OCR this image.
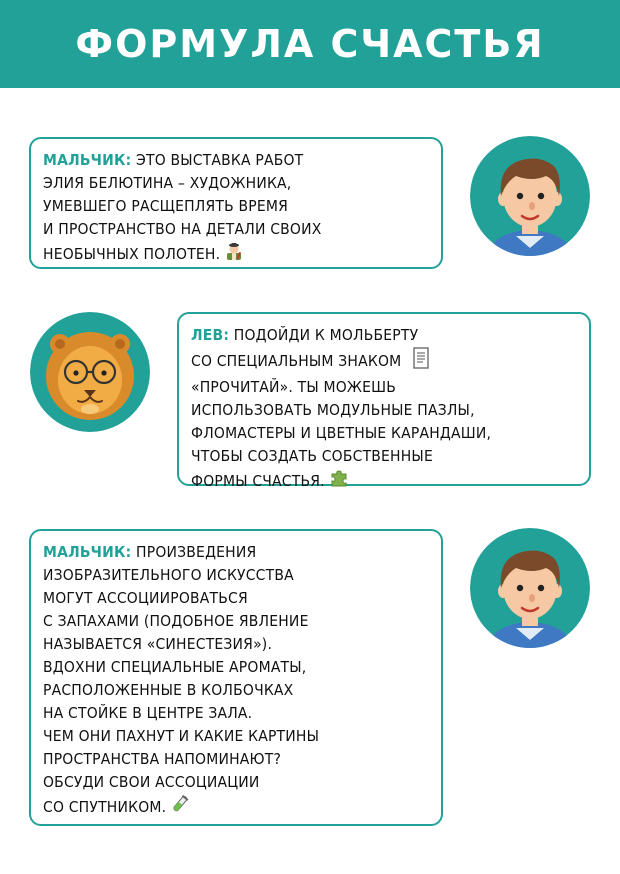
ФОРМУЛА СЧАСТЬЯ
МАЛЬЧИК: ЭТО ВЫСТАВКА РАБОТ
ЭЛИЯ БЕЛЮТИНА – ХУДОЖНИКА,
УМЕВШЕГО РАСЩЕПЛЯТЬ ВРЕМЯ
И ПРОСТРАНСТВО НА ДЕТАЛИ СВОИХ
НЕОБЫЧНЫХ ПОЛОТЕН.
ЛЕВ: ПОДОЙДИ К МОЛЬБЕРТУ
СО СПЕЦИАЛЬНЫМ ЗНАКОМ
«ПРОЧИТАЙ». ТЫ МОЖЕШЬ
ИСПОЛЬЗОВАТЬ МОДУЛЬНЫЕ ПАЗЛЫ,
ФЛОМАСТЕРЫ И ЦВЕТНЫЕ КАРАНДАШИ,
ЧТОБЫ СОЗДАТЬ СОБСТВЕННЫЕ
ФОРМЫ СЧАСТЬЯ.
МАЛЬЧИК: ПРОИЗВЕДЕНИЯ
ИЗОБРАЗИТЕЛЬНОГО ИСКУССТВА
МОГУТ АССОЦИИРОВАТЬСЯ
С ЗАПАХАМИ (ПОДОБНОЕ ЯВЛЕНИЕ
НАЗЫВАЕТСЯ «СИНЕСТЕЗИЯ»).
ВДОХНИ СПЕЦИАЛЬНЫЕ АРОМАТЫ,
РАСПОЛОЖЕННЫЕ В КОЛБОЧКАХ
НА СТОЙКЕ В ЦЕНТРЕ ЗАЛА.
ЧЕМ ОНИ ПАХНУТ И КАКИЕ КАРТИНЫ
ПРОСТРАНСТВА НАПОМИНАЮТ?
ОБСУДИ СВОИ АССОЦИАЦИИ
СО СПУТНИКОМ.
